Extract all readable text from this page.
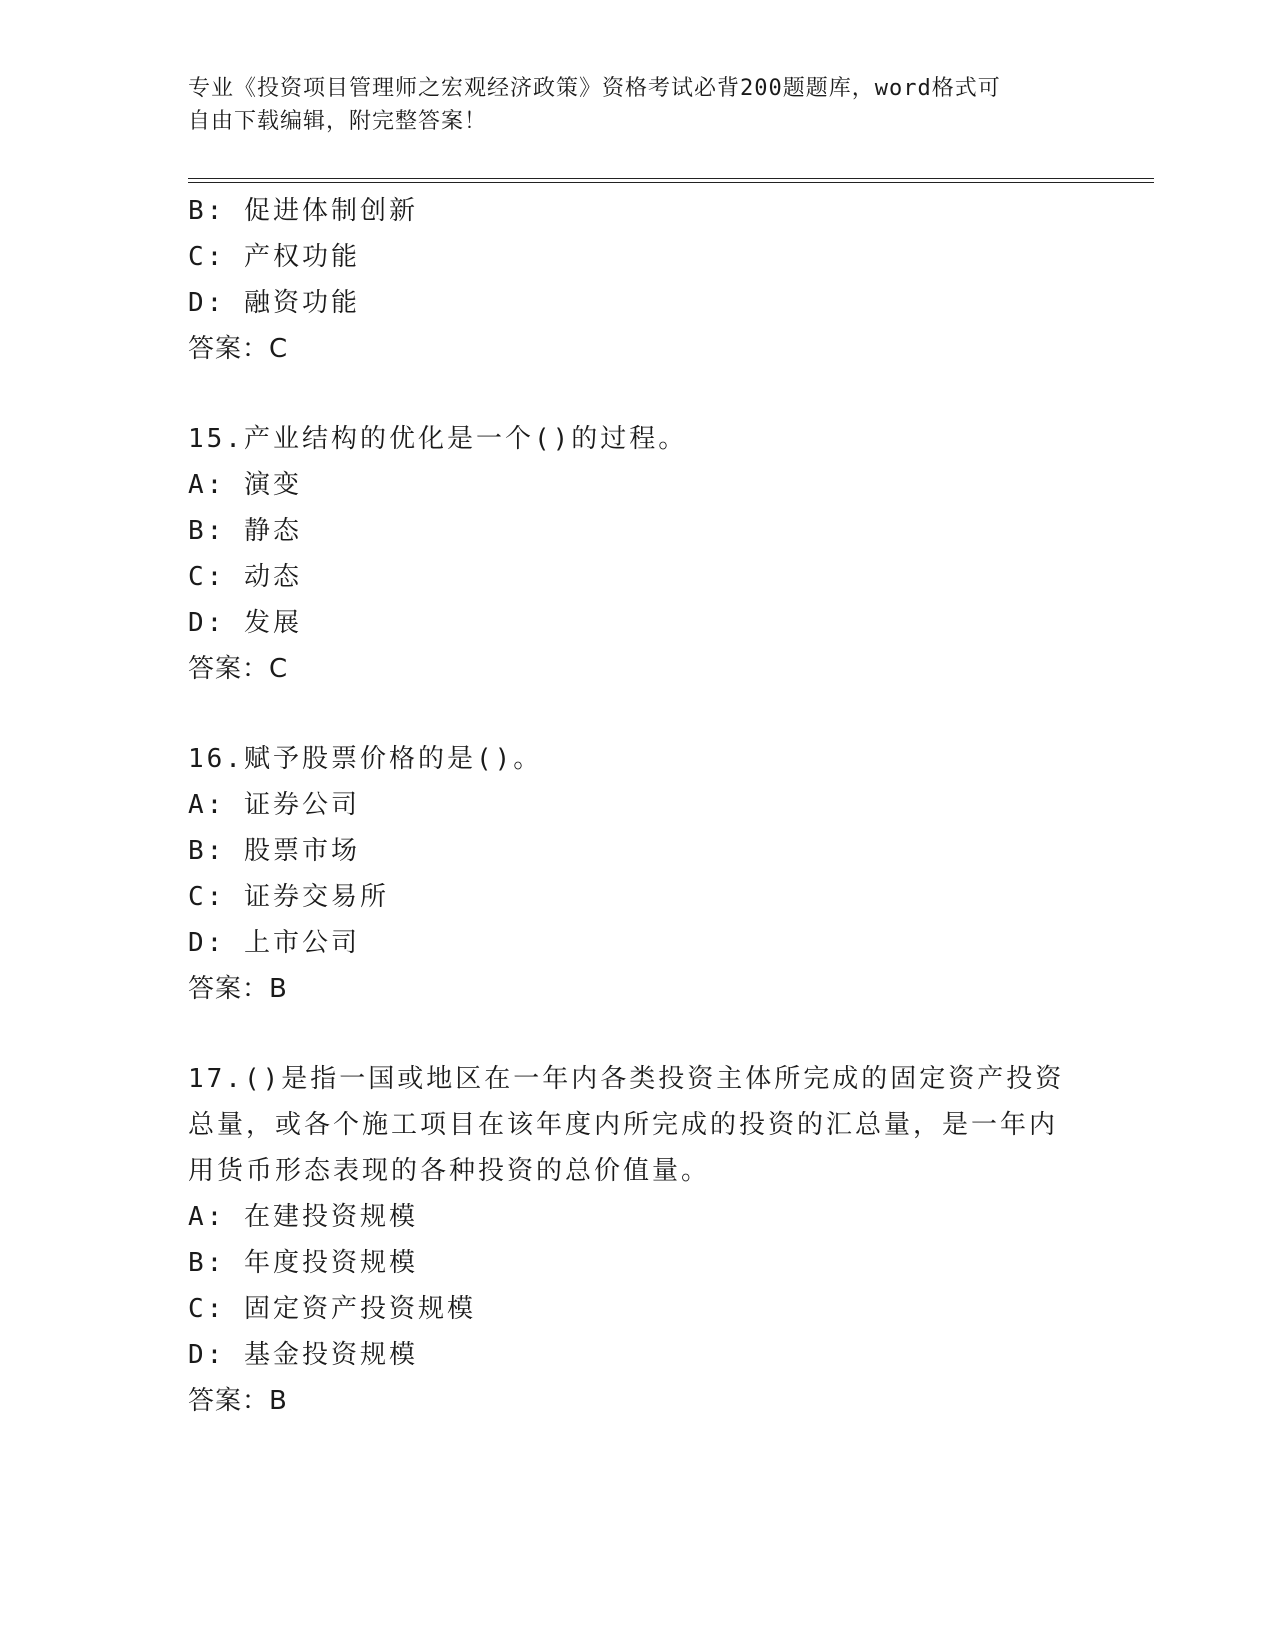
专业《投资项目管理师之宏观经济政策》资格考试必背200题题库，word格式可
自由下载编辑，附完整答案！
B: 促进体制创新
C: 产权功能
D: 融资功能
答案：C
15.产业结构的优化是一个()的过程。
A: 演变
B: 静态
C: 动态
D: 发展
答案：C
16.赋予股票价格的是()。
A: 证券公司
B: 股票市场
C: 证券交易所
D: 上市公司
答案：B
17.()是指一国或地区在一年内各类投资主体所完成的固定资产投资总量，或各个施工项目在该年度内所完成的投资的汇总量，是一年内用货币形态表现的各种投资的总价值量。
A: 在建投资规模
B: 年度投资规模
C: 固定资产投资规模
D: 基金投资规模
答案：B
